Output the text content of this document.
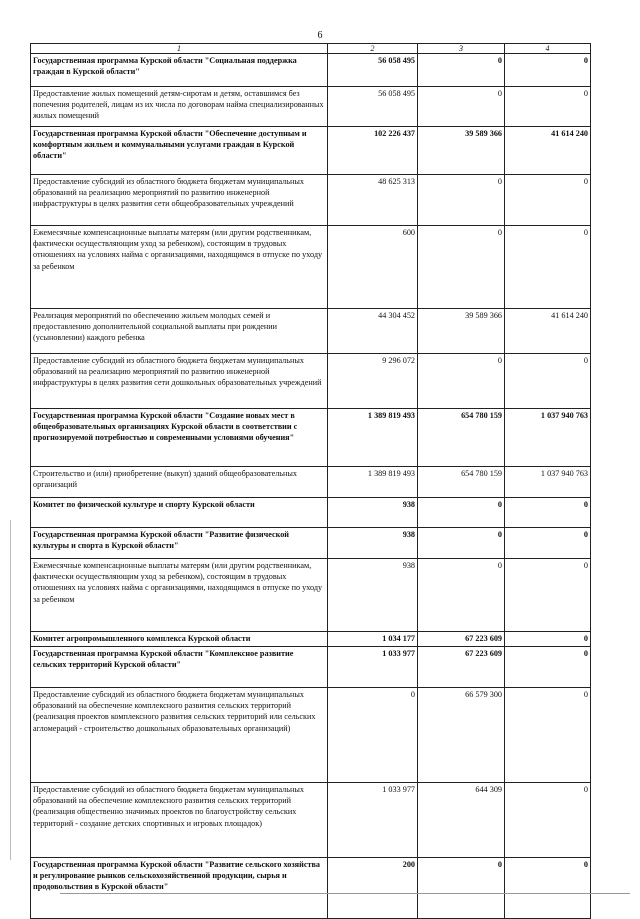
6
1	2	3	4
Государственная программа Курской области "Социальная поддержка граждан в Курской области"	56 058 495	0	0
Предоставление жилых помещений детям-сиротам и детям, оставшимся без попечения родителей, лицам из их числа по договорам найма специализированных жилых помещений	56 058 495	0	0
Государственная программа Курской области "Обеспечение доступным и комфортным жильем и коммунальными услугами граждан в Курской области"	102 226 437	39 589 366	41 614 240
Предоставление субсидий из областного бюджета бюджетам муниципальных образований на реализацию мероприятий по развитию инженерной инфраструктуры в целях развития сети общеобразовательных учреждений	48 625 313	0	0
Ежемесячные компенсационные выплаты матерям (или другим родственникам, фактически осуществляющим уход за ребенком), состоящим в трудовых отношениях на условиях найма с организациями, находящимся в отпуске по уходу за ребенком	600	0	0
Реализация мероприятий по обеспечению жильем молодых семей и предоставлению дополнительной социальной выплаты при рождении (усыновлении) каждого ребенка	44 304 452	39 589 366	41 614 240
Предоставление субсидий из областного бюджета бюджетам муниципальных образований на реализацию мероприятий по развитию инженерной инфраструктуры в целях развития сети дошкольных образовательных учреждений	9 296 072	0	0
Государственная программа Курской области "Создание новых мест в общеобразовательных организациях Курской области в соответствии с прогнозируемой потребностью и современными условиями обучения"	1 389 819 493	654 780 159	1 037 940 763
Строительство и (или) приобретение (выкуп) зданий общеобразовательных организаций	1 389 819 493	654 780 159	1 037 940 763
Комитет по физической культуре и спорту Курской области	938	0	0
Государственная программа Курской области "Развитие физической культуры и спорта в Курской области"	938	0	0
Ежемесячные компенсационные выплаты матерям (или другим родственникам, фактически осуществляющим уход за ребенком), состоящим в трудовых отношениях на условиях найма с организациями, находящимся в отпуске по уходу за ребенком	938	0	0
Комитет агропромышленного комплекса Курской области	1 034 177	67 223 609	0
Государственная программа Курской области "Комплексное развитие сельских территорий Курской области"	1 033 977	67 223 609	0
Предоставление субсидий из областного бюджета бюджетам муниципальных образований на обеспечение комплексного развития сельских территорий (реализация проектов комплексного развития сельских территорий или сельских агломераций - строительство дошкольных образовательных организаций)	0	66 579 300	0
Предоставление субсидий из областного бюджета бюджетам муниципальных образований на обеспечение комплексного развития сельских территорий (реализация общественно значимых проектов по благоустройству сельских территорий - создание детских спортивных и игровых площадок)	1 033 977	644 309	0
Государственная программа Курской области "Развитие сельского хозяйства и регулирование рынков сельскохозяйственной продукции, сырья и продовольствия в Курской области"	200	0	0
